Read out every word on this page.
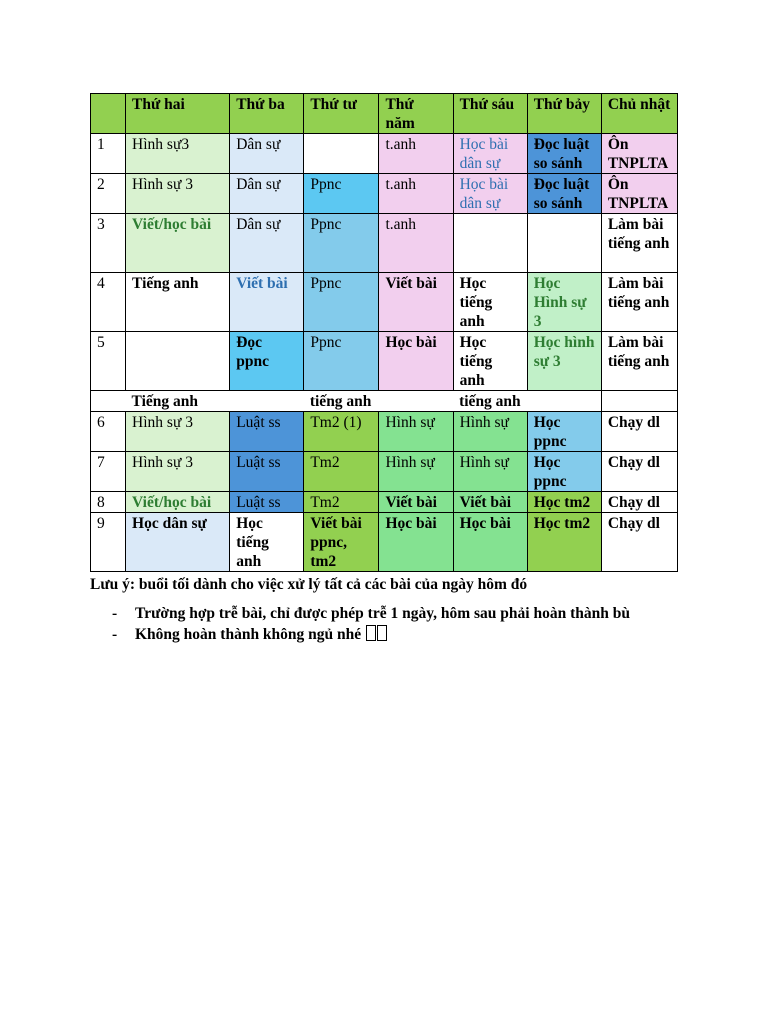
	Thứ hai	Thứ ba	Thứ tư	Thứ năm	Thứ sáu	Thứ bảy	Chủ nhật
1	Hình sự3	Dân sự		t.anh	Học bài dân sự	Đọc luật so sánh	Ôn TNPLTA
2	Hình sự 3	Dân sự	Ppnc	t.anh	Học bài dân sự	Đọc luật so sánh	Ôn TNPLTA
3	Viết/học bài	Dân sự	Ppnc	t.anh			Làm bài tiếng anh
4	Tiếng anh	Viết bài	Ppnc	Viết bài	Học tiếng anh	Học Hình sự 3	Làm bài tiếng anh
5		Đọc ppnc	Ppnc	Học bài	Học tiếng anh	Học hình sự 3	Làm bài tiếng anh
	Tiếng anh		tiếng anh		tiếng anh		
6	Hình sự 3	Luật ss	Tm2 (1)	Hình sự	Hình sự	Học ppnc	Chạy dl
7	Hình sự 3	Luật ss	Tm2	Hình sự	Hình sự	Học ppnc	Chạy dl
8	Viết/học bài	Luật ss	Tm2	Viết bài	Viết bài	Học tm2	Chạy dl
9	Học dân sự	Học tiếng anh	Viết bài ppnc, tm2	Học bài	Học bài	Học tm2	Chạy dl
Lưu ý: buổi tối dành cho việc xử lý tất cả các bài của ngày hôm đó
- Trường hợp trễ bài, chỉ được phép trễ 1 ngày, hôm sau phải hoàn thành bù
- Không hoàn thành không ngủ nhé
